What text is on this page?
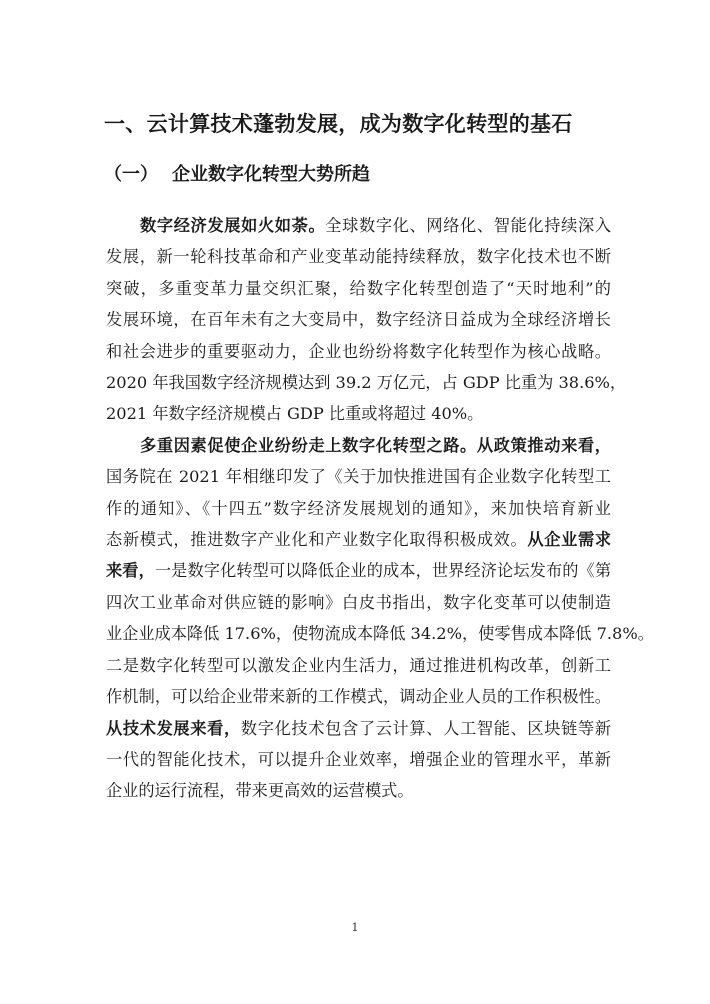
一、云计算技术蓬勃发展，成为数字化转型的基石
（一） 企业数字化转型大势所趋

数字经济发展如火如荼。全球数字化、网络化、智能化持续深入
发展，新一轮科技革命和产业变革动能持续释放，数字化技术也不断
突破，多重变革力量交织汇聚，给数字化转型创造了“天时地利”的
发展环境，在百年未有之大变局中，数字经济日益成为全球经济增长
和社会进步的重要驱动力，企业也纷纷将数字化转型作为核心战略。
2020 年我国数字经济规模达到 39.2 万亿元，占 GDP 比重为 38.6%，
2021 年数字经济规模占 GDP 比重或将超过 40%。

多重因素促使企业纷纷走上数字化转型之路。从政策推动来看，
国务院在 2021 年相继印发了《关于加快推进国有企业数字化转型工
作的通知》、《十四五”数字经济发展规划的通知》，来加快培育新业
态新模式，推进数字产业化和产业数字化取得积极成效。从企业需求
来看，一是数字化转型可以降低企业的成本，世界经济论坛发布的《第
四次工业革命对供应链的影响》白皮书指出，数字化变革可以使制造
业企业成本降低 17.6%，使物流成本降低 34.2%，使零售成本降低 7.8%。
二是数字化转型可以激发企业内生活力，通过推进机构改革，创新工
作机制，可以给企业带来新的工作模式，调动企业人员的工作积极性。
从技术发展来看，数字化技术包含了云计算、人工智能、区块链等新
一代的智能化技术，可以提升企业效率，增强企业的管理水平，革新
企业的运行流程，带来更高效的运营模式。

1
